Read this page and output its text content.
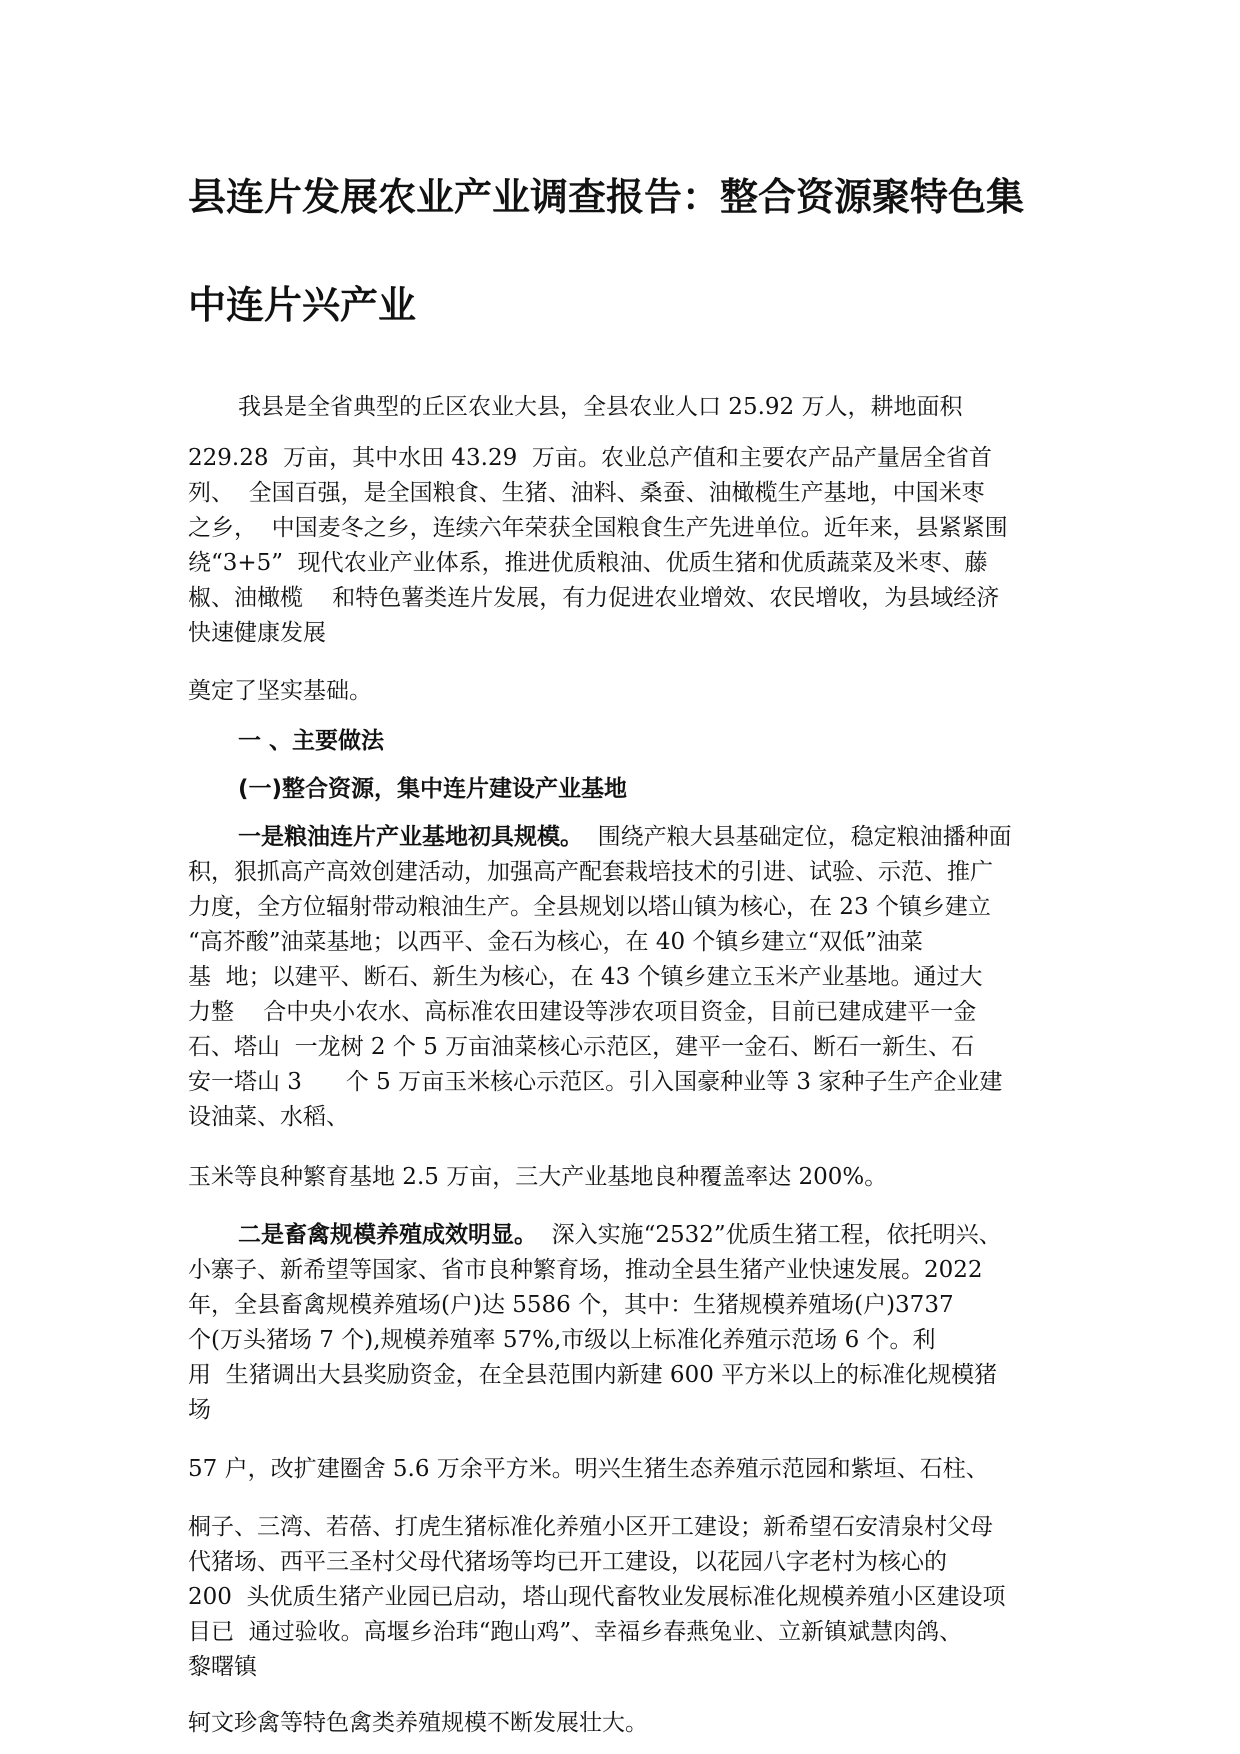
县连片发展农业产业调查报告：整合资源聚特色集
中连片兴产业
我县是全省典型的丘区农业大县，全县农业人口 25.92 万人，耕地面积
229.28  万亩，其中水田 43.29  万亩。农业总产值和主要农产品产量居全省首
列、  全国百强，是全国粮食、生猪、油料、桑蚕、油橄榄生产基地，中国米枣
之乡，  中国麦冬之乡，连续六年荣获全国粮食生产先进单位。近年来，县紧紧围
绕“3+5”  现代农业产业体系，推进优质粮油、优质生猪和优质蔬菜及米枣、藤
椒、油橄榄    和特色薯类连片发展，有力促进农业增效、农民增收，为县域经济
快速健康发展
奠定了坚实基础。
一 、主要做法
(一)整合资源，集中连片建设产业基地
一是粮油连片产业基地初具规模。  围绕产粮大县基础定位，稳定粮油播种面
积，狠抓高产高效创建活动，加强高产配套栽培技术的引进、试验、示范、推广
力度，全方位辐射带动粮油生产。全县规划以塔山镇为核心，在 23 个镇乡建立
“高芥酸”油菜基地；以西平、金石为核心，在 40 个镇乡建立“双低”油菜
基  地；以建平、断石、新生为核心，在 43 个镇乡建立玉米产业基地。通过大
力整    合中央小农水、高标准农田建设等涉农项目资金，目前已建成建平一金
石、塔山  一龙树 2 个 5 万亩油菜核心示范区，建平一金石、断石一新生、石
安一塔山 3      个 5 万亩玉米核心示范区。引入国豪种业等 3 家种子生产企业建
设油菜、水稻、
玉米等良种繁育基地 2.5 万亩，三大产业基地良种覆盖率达 200%。
二是畜禽规模养殖成效明显。  深入实施“2532”优质生猪工程，依托明兴、
小寨子、新希望等国家、省市良种繁育场，推动全县生猪产业快速发展。2022
年，全县畜禽规模养殖场(户)达 5586 个，其中：生猪规模养殖场(户)3737
个(万头猪场 7 个),规模养殖率 57%,市级以上标准化养殖示范场 6 个。利
用  生猪调出大县奖励资金，在全县范围内新建 600 平方米以上的标准化规模猪
场
57 户，改扩建圈舍 5.6 万余平方米。明兴生猪生态养殖示范园和紫垣、石柱、
桐子、三湾、若蓓、打虎生猪标准化养殖小区开工建设；新希望石安清泉村父母
代猪场、西平三圣村父母代猪场等均已开工建设，以花园八字老村为核心的
200  头优质生猪产业园已启动，塔山现代畜牧业发展标准化规模养殖小区建设项
目已  通过验收。高堰乡治玮“跑山鸡”、幸福乡春燕兔业、立新镇斌慧肉鸽、
黎曙镇
轲文珍禽等特色禽类养殖规模不断发展壮大。
